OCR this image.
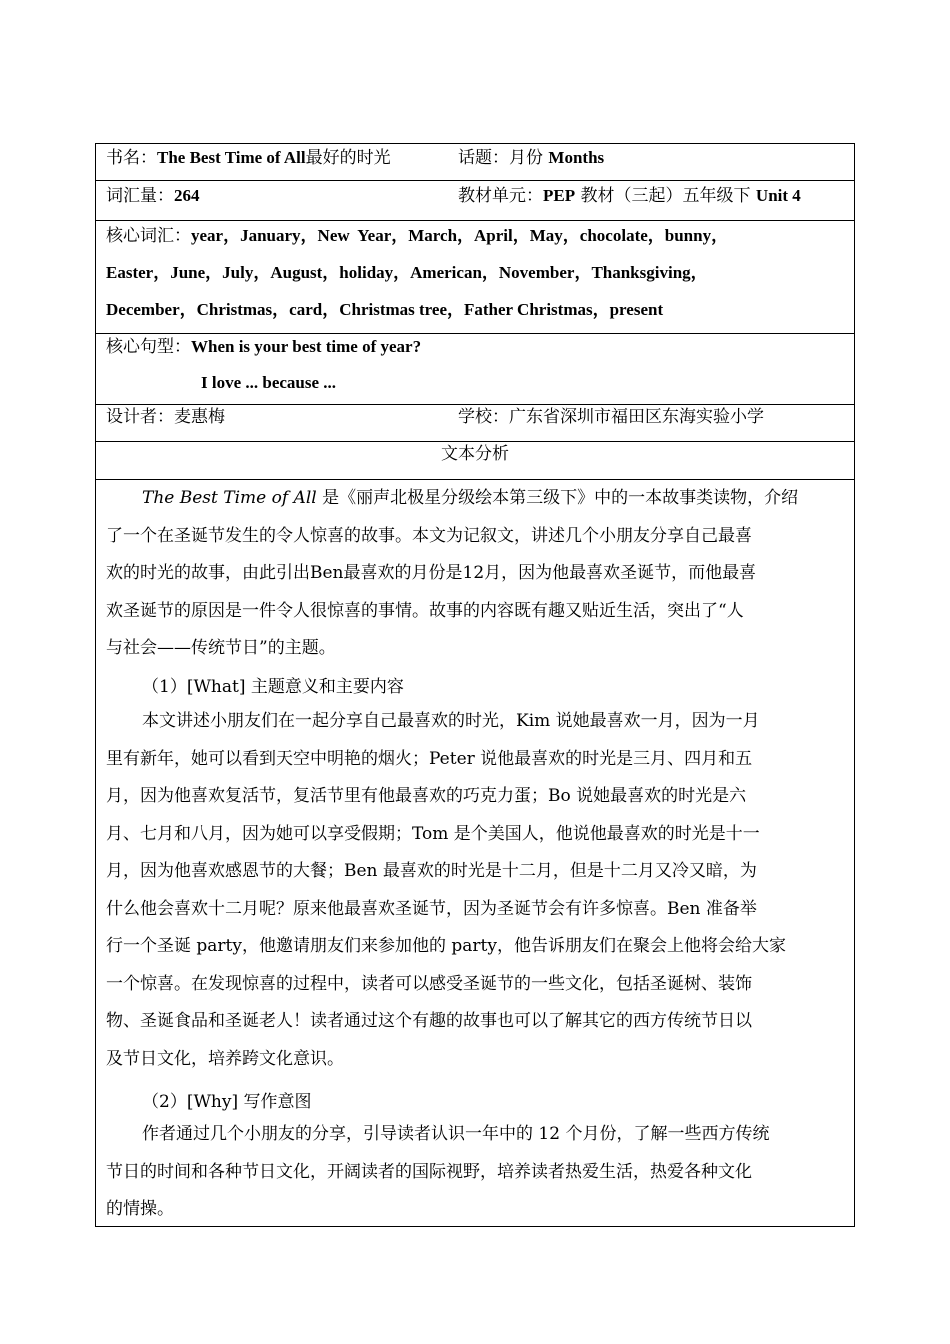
书名：The Best Time of All最好的时光	话题：月份 Months
词汇量：264	教材单元：PEP 教材（三起）五年级下 Unit 4
核心词汇：year，January，New Year，March，April，May，chocolate，bunny，
Easter，June，July，August，holiday，American，November，Thanksgiving，
December，Christmas，card，Christmas tree，Father Christmas，present
核心句型：When is your best time of year?
I love ... because ...
设计者：麦惠梅	学校：广东省深圳市福田区东海实验小学
文本分析
The Best Time of All 是《丽声北极星分级绘本第三级下》中的一本故事类读物，介绍
了一个在圣诞节发生的令人惊喜的故事。本文为记叙文，讲述几个小朋友分享自己最喜
欢的时光的故事，由此引出Ben最喜欢的月份是12月，因为他最喜欢圣诞节，而他最喜
欢圣诞节的原因是一件令人很惊喜的事情。故事的内容既有趣又贴近生活，突出了“人
与社会——传统节日”的主题。
（1）[What] 主题意义和主要内容
本文讲述小朋友们在一起分享自己最喜欢的时光，Kim 说她最喜欢一月，因为一月
里有新年，她可以看到天空中明艳的烟火；Peter 说他最喜欢的时光是三月、四月和五
月，因为他喜欢复活节，复活节里有他最喜欢的巧克力蛋；Bo 说她最喜欢的时光是六
月、七月和八月，因为她可以享受假期；Tom 是个美国人，他说他最喜欢的时光是十一
月，因为他喜欢感恩节的大餐；Ben 最喜欢的时光是十二月，但是十二月又冷又暗，为
什么他会喜欢十二月呢？原来他最喜欢圣诞节，因为圣诞节会有许多惊喜。Ben 准备举
行一个圣诞 party，他邀请朋友们来参加他的 party，他告诉朋友们在聚会上他将会给大家
一个惊喜。在发现惊喜的过程中，读者可以感受圣诞节的一些文化，包括圣诞树、装饰
物、圣诞食品和圣诞老人！读者通过这个有趣的故事也可以了解其它的西方传统节日以
及节日文化，培养跨文化意识。
（2）[Why] 写作意图
作者通过几个小朋友的分享，引导读者认识一年中的 12 个月份，了解一些西方传统
节日的时间和各种节日文化，开阔读者的国际视野，培养读者热爱生活，热爱各种文化
的情操。
